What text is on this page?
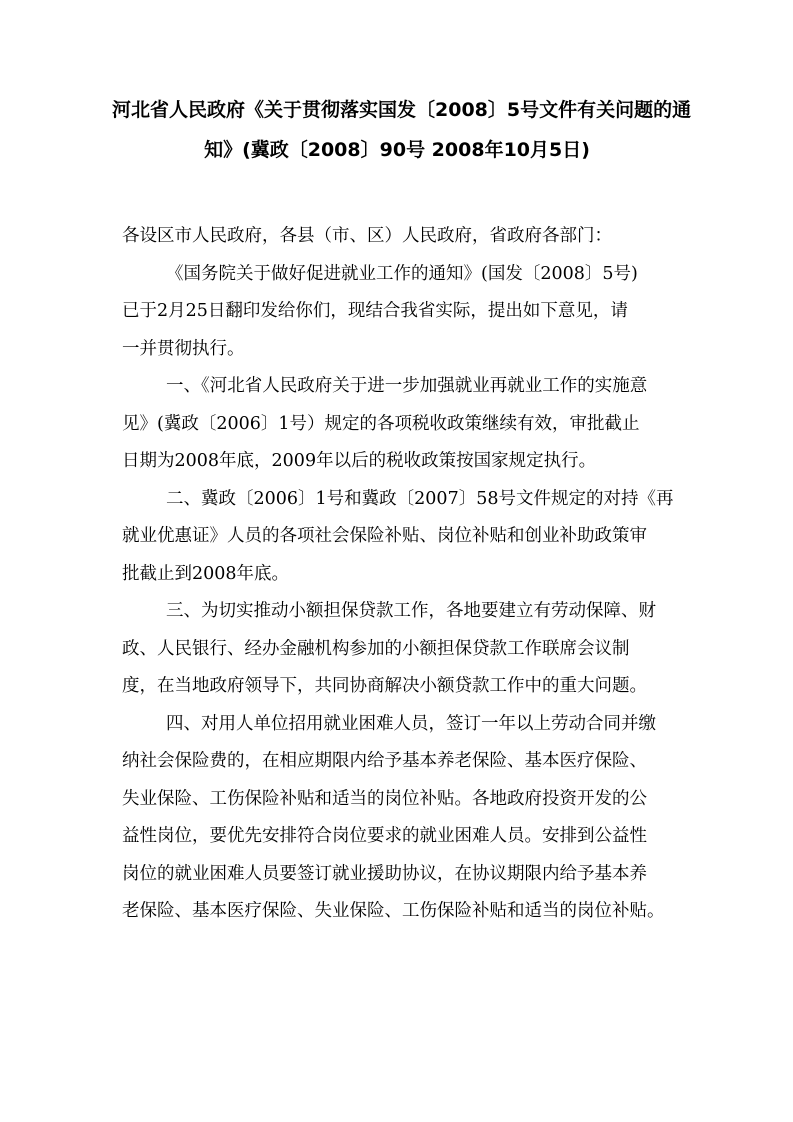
河北省人民政府《关于贯彻落实国发〔2008〕5号文件有关问题的通
知》(冀政〔2008〕90号 2008年10月5日)

各设区市人民政府，各县（市、区）人民政府，省政府各部门：

《国务院关于做好促进就业工作的通知》(国发〔2008〕5号)
已于2月25日翻印发给你们，现结合我省实际，提出如下意见，请
一并贯彻执行。

一、《河北省人民政府关于进一步加强就业再就业工作的实施意
见》(冀政〔2006〕1号）规定的各项税收政策继续有效，审批截止
日期为2008年底，2009年以后的税收政策按国家规定执行。

二、冀政〔2006〕1号和冀政〔2007〕58号文件规定的对持《再
就业优惠证》人员的各项社会保险补贴、岗位补贴和创业补助政策审
批截止到2008年底。

三、为切实推动小额担保贷款工作，各地要建立有劳动保障、财
政、人民银行、经办金融机构参加的小额担保贷款工作联席会议制
度，在当地政府领导下，共同协商解决小额贷款工作中的重大问题。

四、对用人单位招用就业困难人员，签订一年以上劳动合同并缴
纳社会保险费的，在相应期限内给予基本养老保险、基本医疗保险、
失业保险、工伤保险补贴和适当的岗位补贴。各地政府投资开发的公
益性岗位，要优先安排符合岗位要求的就业困难人员。安排到公益性
岗位的就业困难人员要签订就业援助协议，在协议期限内给予基本养
老保险、基本医疗保险、失业保险、工伤保险补贴和适当的岗位补贴。
